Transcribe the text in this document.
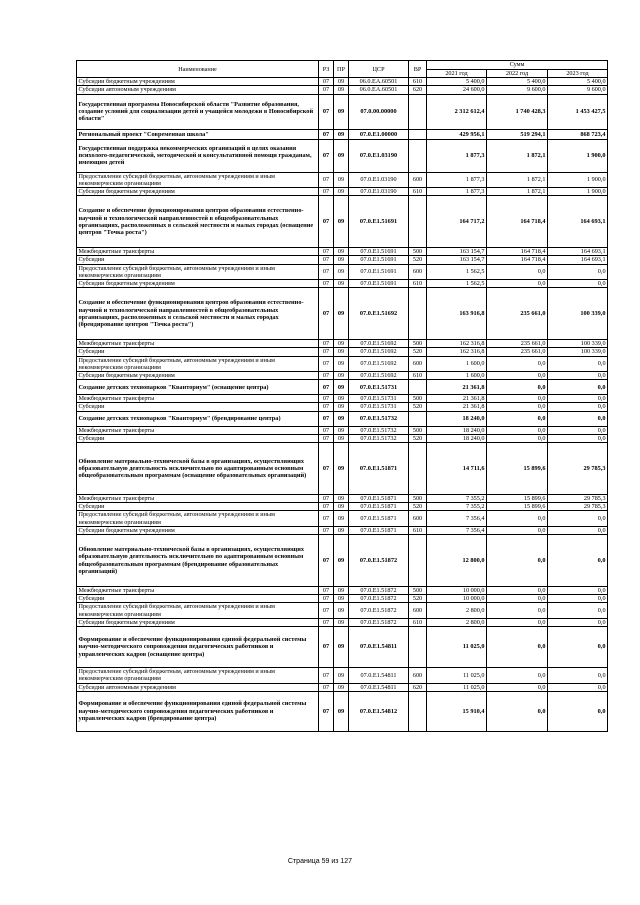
Наименование	РЗ	ПР	ЦСР	ВР	Сумм		
					2021 год	2022 год	2023 год
Субсидии бюджетным учреждениям	07	09	06.0.EA.60501	610	5 400,0	5 400,0	5 400,0
Субсидии автономным учреждениям	07	09	06.0.EA.60501	620	24 600,0	9 600,0	9 600,0
Государственная программа Новосибирской области "Развитие образования, создание условий для социализации детей и учащейся молодежи в Новосибирской области"	07	09	07.0.00.00000		2 312 612,4	1 740 428,3	1 453 427,5
Региональный проект "Современная школа"	07	09	07.0.E1.00000		429 956,1	519 294,1	868 723,4
Государственная поддержка некоммерческих организаций в целях оказания психолого-педагогической, методической и консультативной помощи гражданам, имеющим детей	07	09	07.0.E1.03190		1 877,3	1 872,1	1 900,0
Предоставление субсидий бюджетным, автономным учреждениям и иным некоммерческим организациям	07	09	07.0.E1.03190	600	1 877,3	1 872,1	1 900,0
Субсидии бюджетным учреждениям	07	09	07.0.E1.03190	610	1 877,3	1 872,1	1 900,0
Создание и обеспечение функционирования центров образования естественно-научной и технологической направленностей в общеобразовательных организациях, расположенных в сельской местности и малых городах (оснащение центров "Точка роста")	07	09	07.0.E1.51691		164 717,2	164 718,4	164 693,1
Межбюджетные трансферты	07	09	07.0.E1.51691	500	163 154,7	164 718,4	164 693,1
Субсидии	07	09	07.0.E1.51691	520	163 154,7	164 718,4	164 693,1
Предоставление субсидий бюджетным, автономным учреждениям и иным некоммерческим организациям	07	09	07.0.E1.51691	600	1 562,5	0,0	0,0
Субсидии бюджетным учреждениям	07	09	07.0.E1.51691	610	1 562,5	0,0	0,0
Создание и обеспечение функционирования центров образования естественно-научной и технологической направленностей в общеобразовательных организациях, расположенных в сельской местности и малых городах (брендирование центров "Точка роста")	07	09	07.0.E1.51692		163 916,8	235 661,0	100 339,0
Межбюджетные трансферты	07	09	07.0.E1.51692	500	162 316,8	235 661,0	100 339,0
Субсидии	07	09	07.0.E1.51692	520	162 316,8	235 661,0	100 339,0
Предоставление субсидий бюджетным, автономным учреждениям и иным некоммерческим организациям	07	09	07.0.E1.51692	600	1 600,0	0,0	0,0
Субсидии бюджетным учреждениям	07	09	07.0.E1.51692	610	1 600,0	0,0	0,0
Создание детских технопарков "Кванториум" (оснащение центра)	07	09	07.0.E1.51731		21 361,8	0,0	0,0
Межбюджетные трансферты	07	09	07.0.E1.51731	500	21 361,8	0,0	0,0
Субсидии	07	09	07.0.E1.51731	520	21 361,8	0,0	0,0
Создание детских технопарков "Кванториум" (брендирование центра)	07	09	07.0.E1.51732		18 240,0	0,0	0,0
Межбюджетные трансферты	07	09	07.0.E1.51732	500	18 240,0	0,0	0,0
Субсидии	07	09	07.0.E1.51732	520	18 240,0	0,0	0,0
Обновление материально-технической базы в организациях, осуществляющих образовательную деятельность исключительно по адаптированным основным общеобразовательным программам (оснащение образовательных организаций)	07	09	07.0.E1.51871		14 711,6	15 899,6	29 785,3
Межбюджетные трансферты	07	09	07.0.E1.51871	500	7 355,2	15 899,6	29 785,3
Субсидии	07	09	07.0.E1.51871	520	7 355,2	15 899,6	29 785,3
Предоставление субсидий бюджетным, автономным учреждениям и иным некоммерческим организациям	07	09	07.0.E1.51871	600	7 356,4	0,0	0,0
Субсидии бюджетным учреждениям	07	09	07.0.E1.51871	610	7 356,4	0,0	0,0
Обновление материально-технической базы в организациях, осуществляющих образовательную деятельность исключительно по адаптированным основным общеобразовательным программам (брендирование образовательных организаций)	07	09	07.0.E1.51872		12 800,0	0,0	0,0
Межбюджетные трансферты	07	09	07.0.E1.51872	500	10 000,0	0,0	0,0
Субсидии	07	09	07.0.E1.51872	520	10 000,0	0,0	0,0
Предоставление субсидий бюджетным, автономным учреждениям и иным некоммерческим организациям	07	09	07.0.E1.51872	600	2 800,0	0,0	0,0
Субсидии бюджетным учреждениям	07	09	07.0.E1.51872	610	2 800,0	0,0	0,0
Формирование и обеспечение функционирования единой федеральной системы научно-методического сопровождения педагогических работников и управленческих кадров (оснащение центра)	07	09	07.0.E1.54811		11 025,0	0,0	0,0
Предоставление субсидий бюджетным, автономным учреждениям и иным некоммерческим организациям	07	09	07.0.E1.54811	600	11 025,0	0,0	0,0
Субсидии автономным учреждениям	07	09	07.0.E1.54811	620	11 025,0	0,0	0,0
Формирование и обеспечение функционирования единой федеральной системы научно-методического сопровождения педагогических работников и управленческих кадров (брендирование центра)	07	09	07.0.E1.54812		15 910,4	0,0	0,0
Страница 59 из 127
